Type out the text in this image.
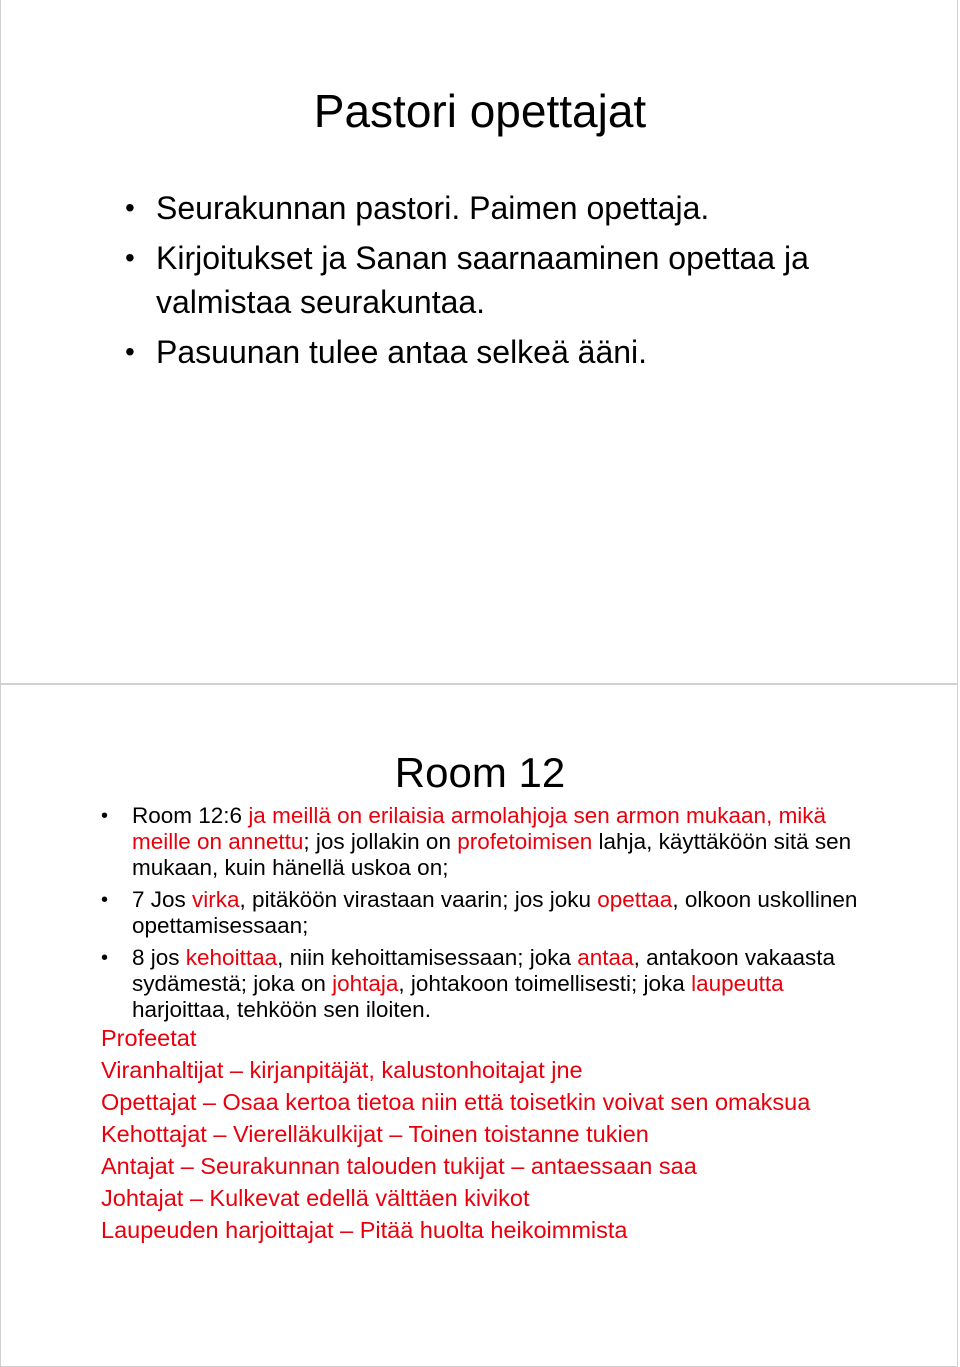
Pastori opettajat
• Seurakunnan pastori. Paimen opettaja.
• Kirjoitukset ja Sanan saarnaaminen opettaa ja valmistaa seurakuntaa.
• Pasuunan tulee antaa selkeä ääni.
Room 12
• Room 12:6 ja meillä on erilaisia armolahjoja sen armon mukaan, mikä meille on annettu; jos jollakin on profetoimisen lahja, käyttäköön sitä sen mukaan, kuin hänellä uskoa on;
• 7 Jos virka, pitäköön virastaan vaarin; jos joku opettaa, olkoon uskollinen opettamisessaan;
• 8 jos kehoittaa, niin kehoittamisessaan; joka antaa, antakoon vakaasta sydämestä; joka on johtaja, johtakoon toimellisesti; joka laupeutta harjoittaa, tehköön sen iloiten.
Profeetat
Viranhaltijat – kirjanpitäjät, kalustonhoitajat jne
Opettajat – Osaa kertoa tietoa niin että toisetkin voivat sen omaksua
Kehottajat – Vierelläkulkijat – Toinen toistanne tukien
Antajat – Seurakunnan talouden tukijat – antaessaan saa
Johtajat – Kulkevat edellä välttäen kivikot
Laupeuden harjoittajat – Pitää huolta heikoimmista
